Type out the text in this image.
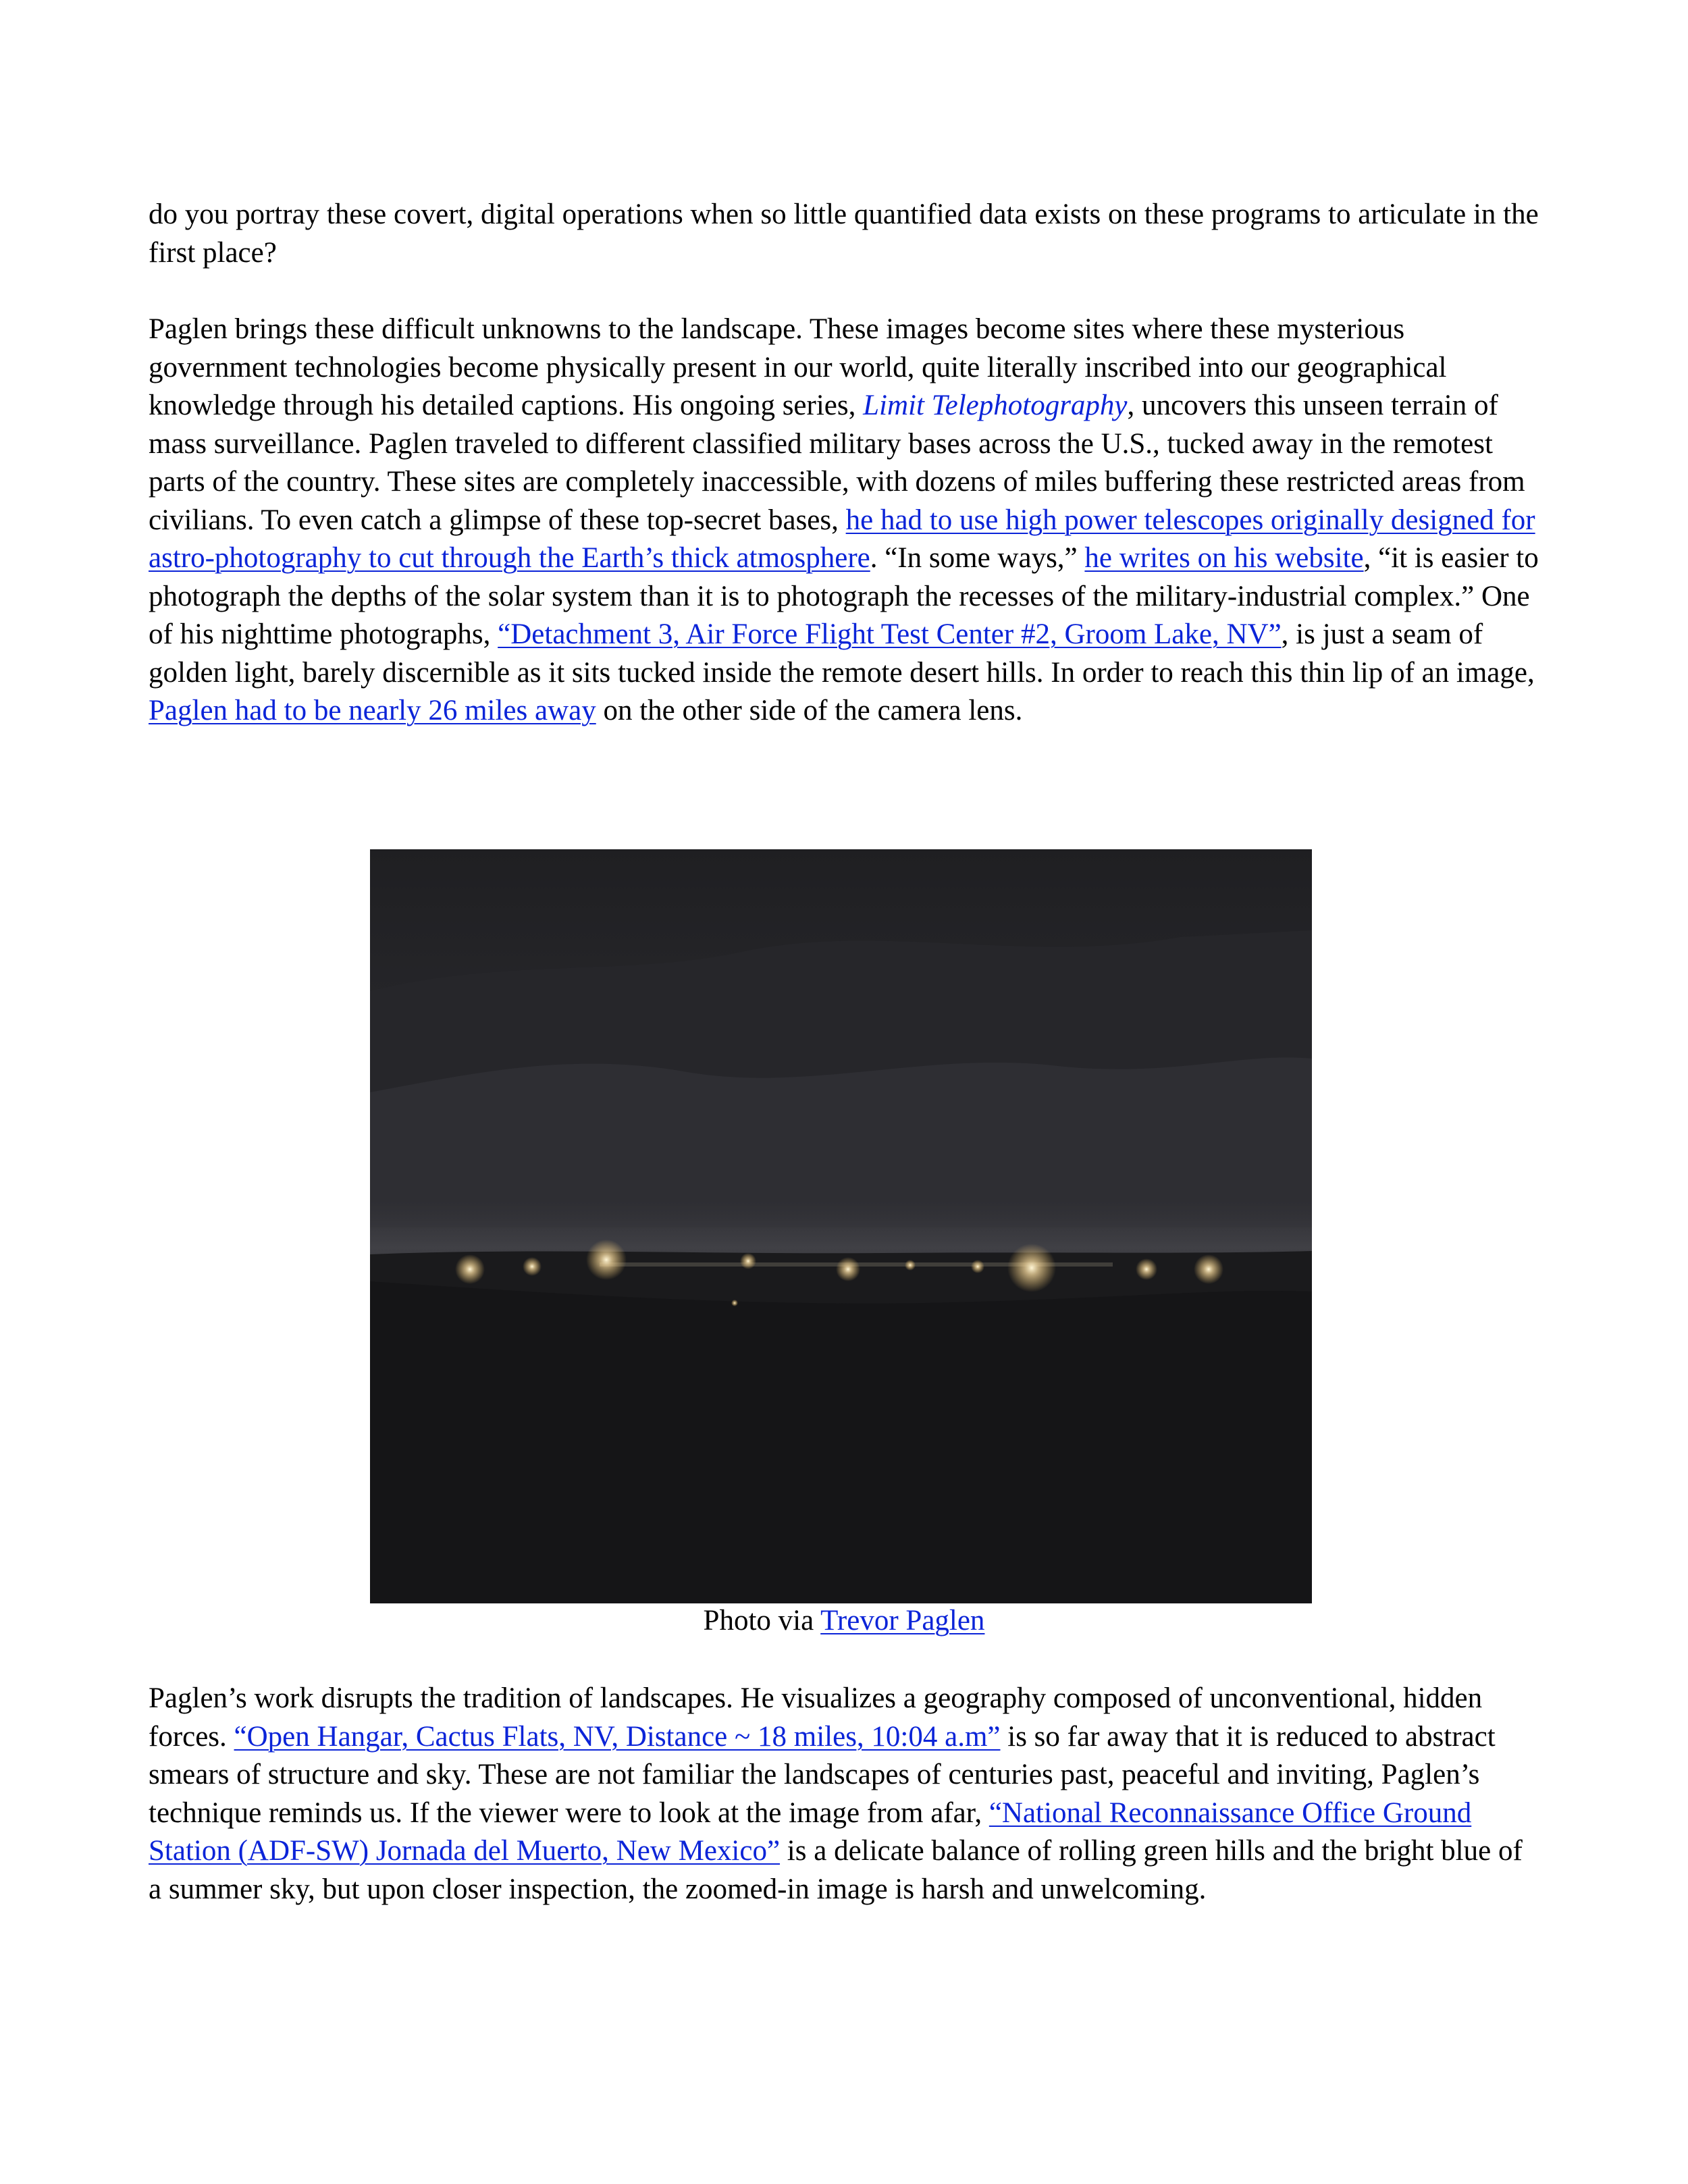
do you portray these covert, digital operations when so little quantified data exists on these programs to articulate in the first place?

Paglen brings these difficult unknowns to the landscape. These images become sites where these mysterious government technologies become physically present in our world, quite literally inscribed into our geographical knowledge through his detailed captions. His ongoing series, Limit Telephotography, uncovers this unseen terrain of mass surveillance. Paglen traveled to different classified military bases across the U.S., tucked away in the remotest parts of the country. These sites are completely inaccessible, with dozens of miles buffering these restricted areas from civilians. To even catch a glimpse of these top-secret bases, he had to use high power telescopes originally designed for astro-photography to cut through the Earth’s thick atmosphere. “In some ways,” he writes on his website, “it is easier to photograph the depths of the solar system than it is to photograph the recesses of the military-industrial complex.” One of his nighttime photographs, “Detachment 3, Air Force Flight Test Center #2, Groom Lake, NV”, is just a seam of golden light, barely discernible as it sits tucked inside the remote desert hills. In order to reach this thin lip of an image, Paglen had to be nearly 26 miles away on the other side of the camera lens.

Photo via Trevor Paglen

Paglen’s work disrupts the tradition of landscapes. He visualizes a geography composed of unconventional, hidden forces. “Open Hangar, Cactus Flats, NV, Distance ~ 18 miles, 10:04 a.m” is so far away that it is reduced to abstract smears of structure and sky. These are not familiar the landscapes of centuries past, peaceful and inviting, Paglen’s technique reminds us. If the viewer were to look at the image from afar, “National Reconnaissance Office Ground Station (ADF-SW) Jornada del Muerto, New Mexico” is a delicate balance of rolling green hills and the bright blue of a summer sky, but upon closer inspection, the zoomed-in image is harsh and unwelcoming.
